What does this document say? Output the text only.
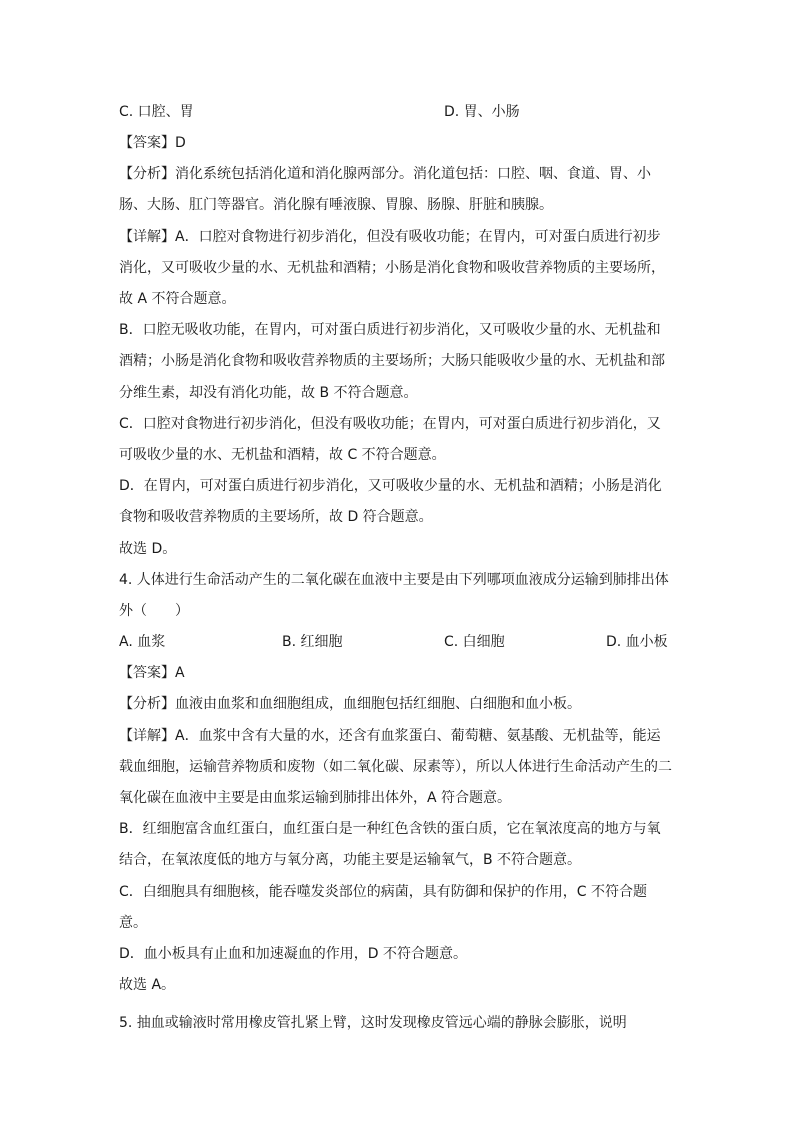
C. 口腔、胃	D. 胃、小肠
【答案】D
【分析】消化系统包括消化道和消化腺两部分。消化道包括：口腔、咽、食道、胃、小
肠、大肠、肛门等器官。消化腺有唾液腺、胃腺、肠腺、肝脏和胰腺。
【详解】A．口腔对食物进行初步消化，但没有吸收功能；在胃内，可对蛋白质进行初步
消化，又可吸收少量的水、无机盐和酒精；小肠是消化食物和吸收营养物质的主要场所，
故 A 不符合题意。
B．口腔无吸收功能，在胃内，可对蛋白质进行初步消化，又可吸收少量的水、无机盐和
酒精；小肠是消化食物和吸收营养物质的主要场所；大肠只能吸收少量的水、无机盐和部
分维生素，却没有消化功能，故 B 不符合题意。
C．口腔对食物进行初步消化，但没有吸收功能；在胃内，可对蛋白质进行初步消化，又
可吸收少量的水、无机盐和酒精，故 C 不符合题意。
D．在胃内，可对蛋白质进行初步消化，又可吸收少量的水、无机盐和酒精；小肠是消化
食物和吸收营养物质的主要场所，故 D 符合题意。
故选 D。
4. 人体进行生命活动产生的二氧化碳在血液中主要是由下列哪项血液成分运输到肺排出体
外（　　）
A. 血浆	B. 红细胞	C. 白细胞	D. 血小板
【答案】A
【分析】血液由血浆和血细胞组成，血细胞包括红细胞、白细胞和血小板。
【详解】A．血浆中含有大量的水，还含有血浆蛋白、葡萄糖、氨基酸、无机盐等，能运
载血细胞，运输营养物质和废物（如二氧化碳、尿素等），所以人体进行生命活动产生的二
氧化碳在血液中主要是由血浆运输到肺排出体外，A 符合题意。
B．红细胞富含血红蛋白，血红蛋白是一种红色含铁的蛋白质，它在氧浓度高的地方与氧
结合，在氧浓度低的地方与氧分离，功能主要是运输氧气，B 不符合题意。
C．白细胞具有细胞核，能吞噬发炎部位的病菌，具有防御和保护的作用，C 不符合题
意。
D．血小板具有止血和加速凝血的作用，D 不符合题意。
故选 A。
5. 抽血或输液时常用橡皮管扎紧上臂，这时发现橡皮管远心端的静脉会膨胀，说明
